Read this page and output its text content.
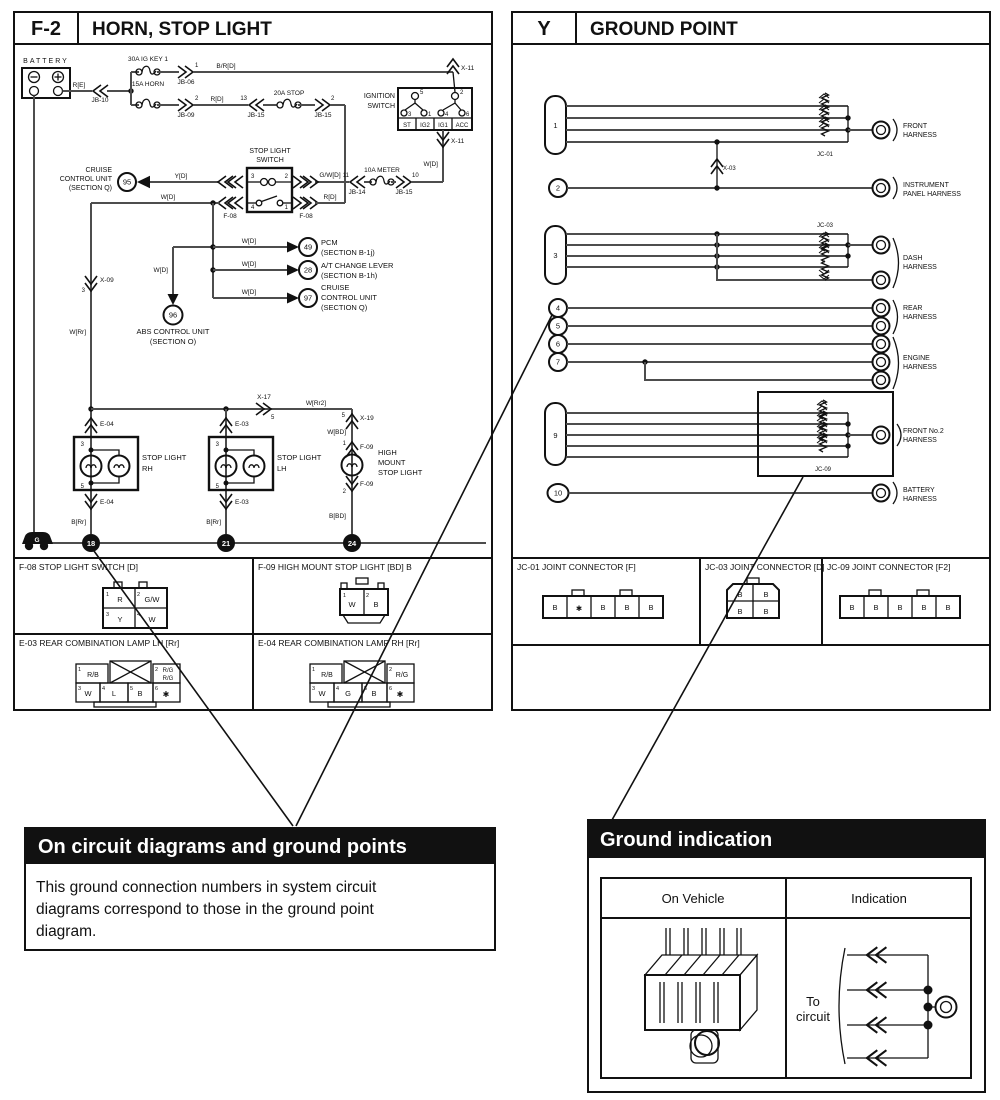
F-2 HORN, STOP LIGHT
BATTERY
R[E]
JB-10
30A IG KEY 1
15A HORN
1
JB-06
B/R[D]	X-11
2
JB-09
R[D]	13
JB-15
20A STOP
2
JB-15
IGNITION
SWITCH
5	2
3	1 4	6
ST IG2 IG1 ACC
X-11
W[D]
G/W[D] 11
JB-14
10A METER
10
JB-15
CRUISE
CONTROL UNIT
(SECTION Q)
95
Y[D]
STOP LIGHT
SWITCH
F-08	F-08
3	2
4	1
R[D]
W[D]
W[D]
49 PCM
(SECTION B-1j)
W[D]
28 A/T CHANGE LEVER
(SECTION B-1h)
W[D]
97
CRUISE
CONTROL UNIT
(SECTION Q)
W[D]
96
ABS CONTROL UNIT
(SECTION O)
X-09
3
W[Rr]
X-17
5
W[Rr2]
5 X-19
W[BD]
1 F-09
HIGH
MOUNT
STOP LIGHT
F-09
2
B[BD]
E-04
3
5
STOP LIGHT
RH
E-04
B[Rr]
E-03
3
5
STOP LIGHT
LH
E-03
B[Rr]
G	18	21	24
F-08 STOP LIGHT SWITCH [D]
1	2
3	4
R	G/W
Y	W
F-09 HIGH MOUNT STOP LIGHT [BD] B
1	2
W B
E-03 REAR COMBINATION LAMP LH [Rr]
1	2
3	4	5	6
R/B
R/G
R/G
W	L	B	✱
E-04 REAR COMBINATION LAMP RH [Rr]
1	2
3	4	5	6
R/B	R/G
W	G	B	✱
Y GROUND POINT
1
JC-01
FRONT
HARNESS
X-03
2	INSTRUMENT
PANEL HARNESS
3
JC-03
DASH
HARNESS
4
5
REAR
HARNESS
6
7	ENGINE
HARNESS
9
JC-09
FRONT No.2
HARNESS
10	BATTERY
HARNESS
JC-01 JOINT CONNECTOR [F]
B ✱ B	B	B
JC-03 JOINT CONNECTOR [D]
B	B
B	B
JC-09 JOINT CONNECTOR [F2]
B	B	B	B	B
On circuit diagrams and ground points
This ground connection numbers in system circuit
diagrams correspond to those in the ground point
diagram.
Ground indication
On Vehicle	Indication
To
circuit
